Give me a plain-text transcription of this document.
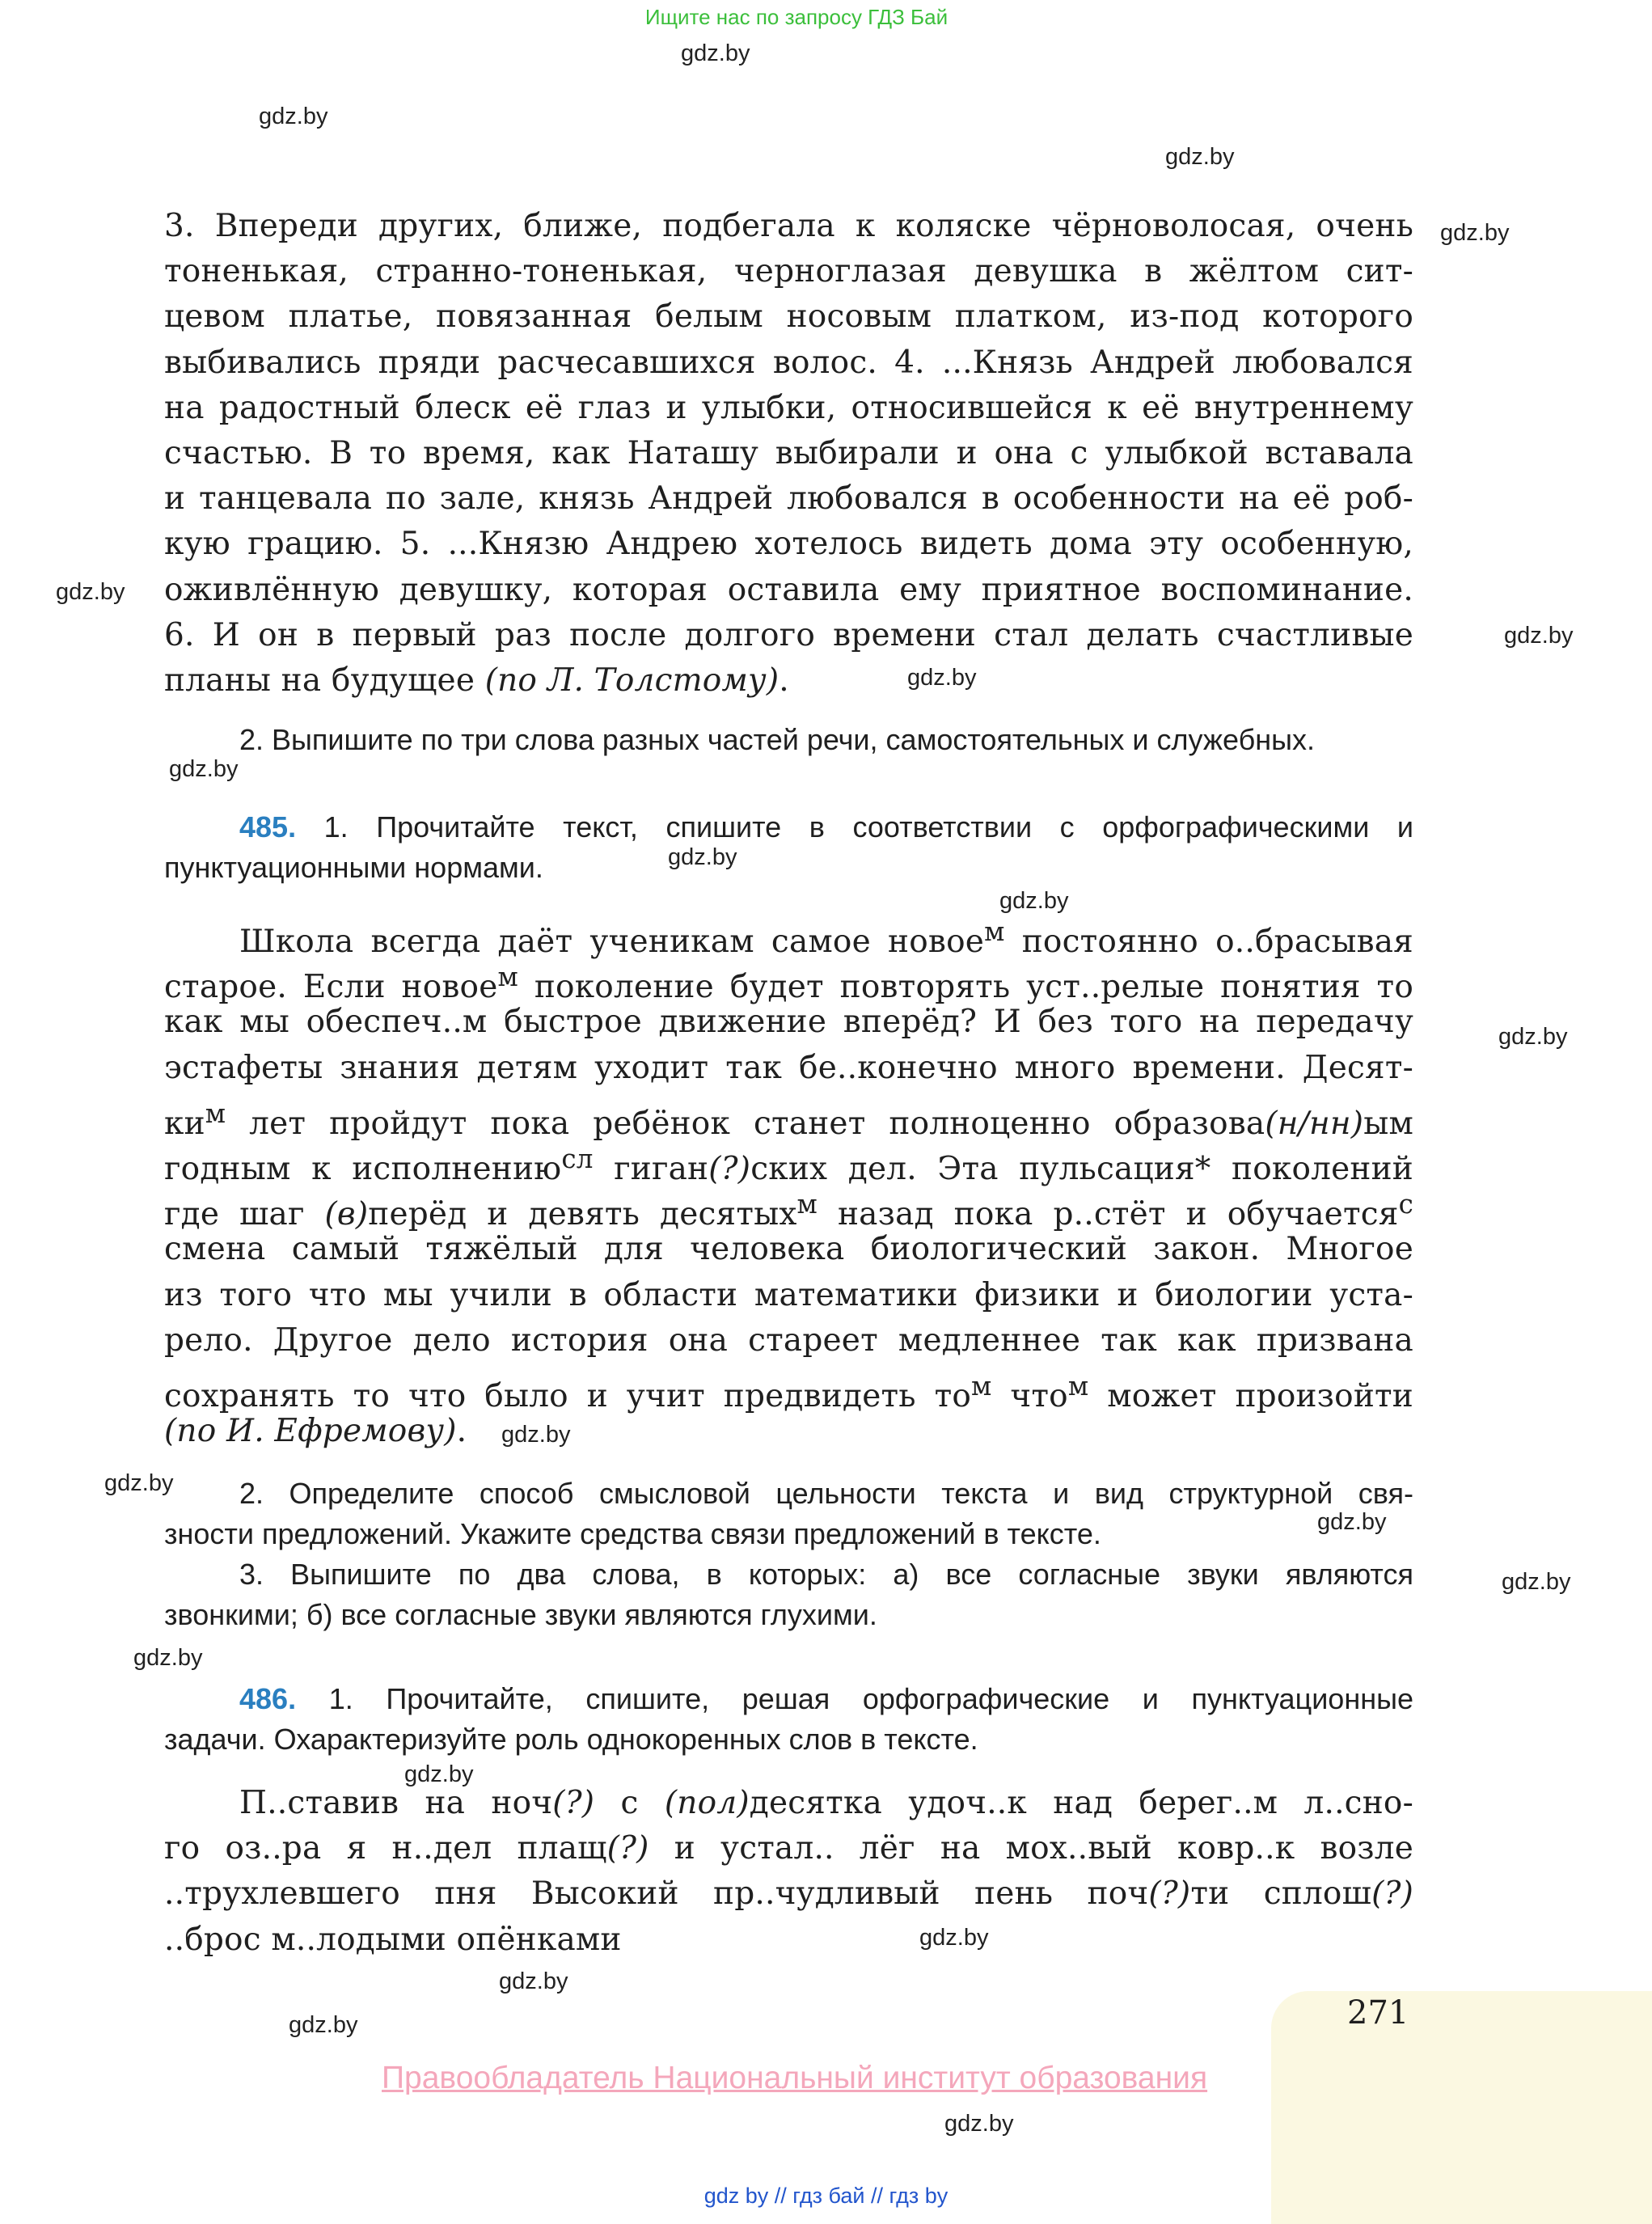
Ищите нас по запросу ГДЗ Бай
gdz.by
gdz.by
gdz.by
gdz.by
gdz.by
gdz.by
gdz.by
gdz.by
gdz.by
gdz.by
gdz.by
gdz.by
gdz.by
gdz.by
gdz.by
gdz.by
gdz.by
gdz.by
gdz.by
gdz.by
gdz.by
3. Впереди других, ближе, подбегала к коляске чёрноволосая, очень
тоненькая, странно-тоненькая, черноглазая девушка в жёлтом сит-
цевом платье, повязанная белым носовым платком, из-под которого
выбивались пряди расчесавшихся волос. 4. ...Князь Андрей любовался
на радостный блеск её глаз и улыбки, относившейся к её внутреннему
счастью. В то время, как Наташу выбирали и она с улыбкой вставала
и танцевала по зале, князь Андрей любовался в особенности на её роб-
кую грацию. 5. ...Князю Андрею хотелось видеть дома эту особенную,
оживлённую девушку, которая оставила ему приятное воспоминание.
6. И он в первый раз после долгого времени стал делать счастливые
планы на будущее (по Л. Толстому).
2. Выпишите по три слова разных частей речи, самостоятельных и служебных.
485. 1. Прочитайте текст, спишите в соответствии с орфографическими и
пунктуационными нормами.
Школа всегда даёт ученикам самое новое$^м$ постоянно о..брасывая
старое. Если новое$^м$ поколение будет повторять уст..релые понятия то
как мы обеспеч..м быстрое движение вперёд? И без того на передачу
эстафеты знания детям уходит так бе..конечно много времени. Десят-
$ки^м$ лет пройдут пока ребёнок станет полноценно образова(н/нн)ым
годным к исполнению$^{сл}$ гиган(?)ских дел. Эта пульсация* поколений
где шаг (в)перёд и девять десятых$^м$ назад пока р..стёт и обучается$^с$
смена самый тяжёлый для человека биологический закон. Многое
из того что мы учили в области математики физики и биологии уста-
рело. Другое дело история она стареет медленнее так как призвана
сохранять то что было и учит предвидеть $то^м$ что$^м$ может произойти
(по И. Ефремову).
2. Определите способ смысловой цельности текста и вид структурной свя-
зности предложений. Укажите средства связи предложений в тексте.
3. Выпишите по два слова, в которых: а) все согласные звуки являются
звонкими; б) все согласные звуки являются глухими.
486. 1. Прочитайте, спишите, решая орфографические и пунктуационные
задачи. Охарактеризуйте роль однокоренных слов в тексте.
П..ставив на ноч(?) с (пол)десятка удоч..к над берег..м л..сно-
го оз..ра я н..дел плащ(?) и устал.. лёг на мох..вый ковр..к возле
..трухлевшего пня Высокий пр..чудливый пень поч(?)ти сплош(?)
..брос м..лодыми опёнками
271
Правообладатель Национальный институт образования
gdz by // гдз бай // гдз by
